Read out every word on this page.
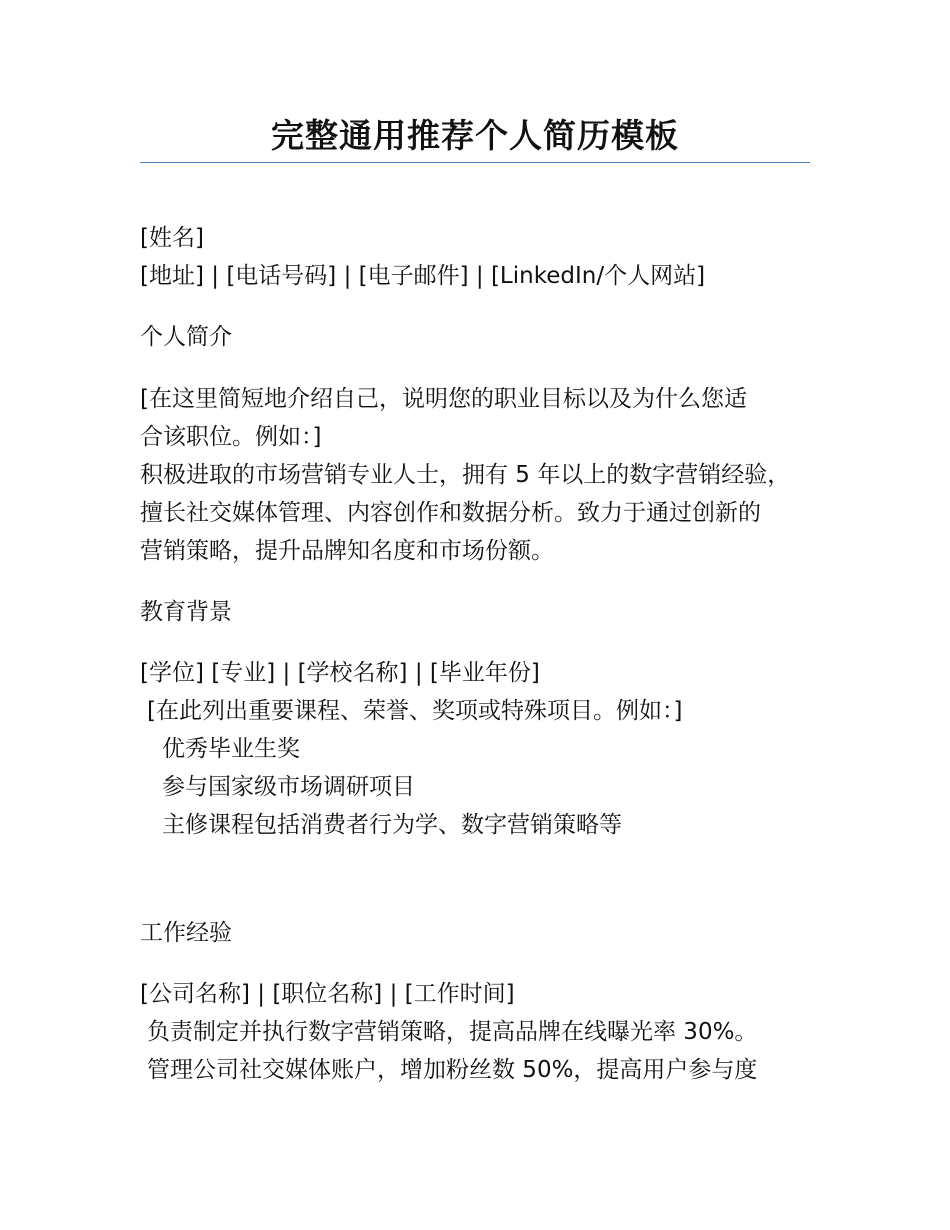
完整通用推荐个人简历模板
[姓名]
[地址] | [电话号码] | [电子邮件] | [LinkedIn/个人网站]
个人简介
[在这里简短地介绍自己，说明您的职业目标以及为什么您适
合该职位。例如：]
积极进取的市场营销专业人士，拥有 5 年以上的数字营销经验，
擅长社交媒体管理、内容创作和数据分析。致力于通过创新的
营销策略，提升品牌知名度和市场份额。
教育背景
[学位] [专业] | [学校名称] | [毕业年份]
[在此列出重要课程、荣誉、奖项或特殊项目。例如：]
优秀毕业生奖
参与国家级市场调研项目
主修课程包括消费者行为学、数字营销策略等
工作经验
[公司名称] | [职位名称] | [工作时间]
负责制定并执行数字营销策略，提高品牌在线曝光率 30%。
管理公司社交媒体账户，增加粉丝数 50%，提高用户参与度
